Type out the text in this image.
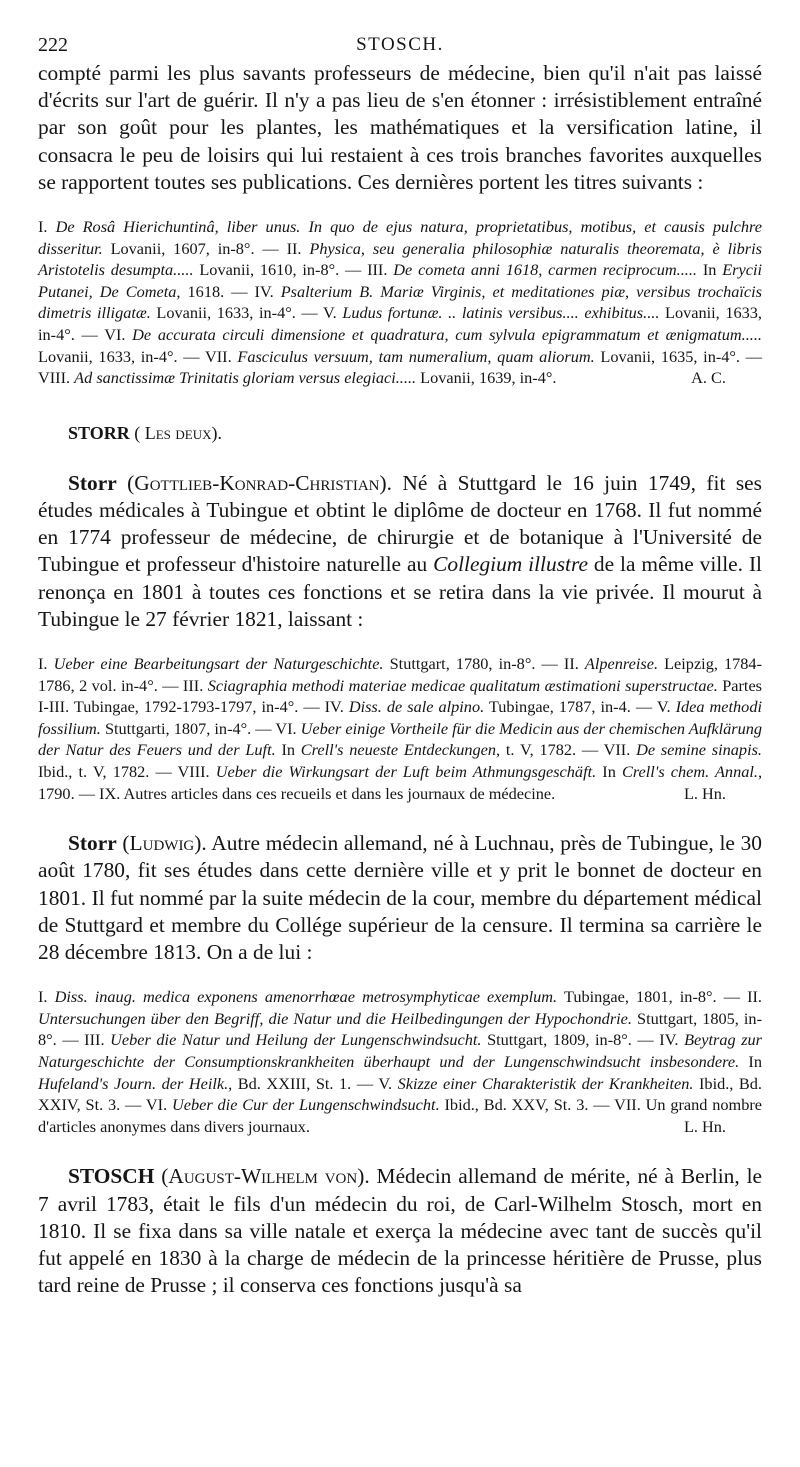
222	STOSCH.

compté parmi les plus savants professeurs de médecine, bien qu'il n'ait pas laissé d'écrits sur l'art de guérir. Il n'y a pas lieu de s'en étonner : irrésistiblement entraîné par son goût pour les plantes, les mathématiques et la versification latine, il consacra le peu de loisirs qui lui restaient à ces trois branches favorites auxquelles se rapportent toutes ses publications. Ces dernières portent les titres suivants :

I. De Rosâ Hierichuntinâ, liber unus. In quo de ejus natura, proprietatibus, motibus, et causis pulchre disseritur. Lovanii, 1607, in-8°. — II. Physica, seu generalia philosophiæ naturalis theoremata, è libris Aristotelis desumpta..... Lovanii, 1610, in-8°. — III. De cometa anni 1618, carmen reciprocum..... In Erycii Putanei, De Cometa, 1618. — IV. Psalterium B. Mariæ Virginis, et meditationes piæ, versibus trochaïcis dimetris illigatæ. Lovanii, 1633, in-4°. — V. Ludus fortunæ. .. latinis versibus.... exhibitus.... Lovanii, 1633, in-4°. — VI. De accurata circuli dimensione et quadratura, cum sylvula epigrammatum et ænigmatum..... Lovanii, 1633, in-4°. — VII. Fasciculus versuum, tam numeralium, quam aliorum. Lovanii, 1635, in-4°. — VIII. Ad sanctissimæ Trinitatis gloriam versus elegiaci..... Lovanii, 1639, in-4°.	A. C.

STORR ( Les deux).

Storr (Gottlieb-Konrad-Christian). Né à Stuttgard le 16 juin 1749, fit ses études médicales à Tubingue et obtint le diplôme de docteur en 1768. Il fut nommé en 1774 professeur de médecine, de chirurgie et de botanique à l'Université de Tubingue et professeur d'histoire naturelle au Collegium illustre de la même ville. Il renonça en 1801 à toutes ces fonctions et se retira dans la vie privée. Il mourut à Tubingue le 27 février 1821, laissant :

I. Ueber eine Bearbeitungsart der Naturgeschichte. Stuttgart, 1780, in-8°. — II. Alpenreise. Leipzig, 1784-1786, 2 vol. in-4°. — III. Sciagraphia methodi materiae medicae qualitatum æstimationi superstructae. Partes I-III. Tubingae, 1792-1793-1797, in-4°. — IV. Diss. de sale alpino. Tubingae, 1787, in-4. — V. Idea methodi fossilium. Stuttgarti, 1807, in-4°. — VI. Ueber einige Vortheile für die Medicin aus der chemischen Aufklärung der Natur des Feuers und der Luft. In Crell's neueste Entdeckungen, t. V, 1782. — VII. De semine sinapis. Ibid., t. V, 1782. — VIII. Ueber die Wirkungsart der Luft beim Athmungsgeschäft. In Crell's chem. Annal., 1790. — IX. Autres articles dans ces recueils et dans les journaux de médecine.	L. Hn.

Storr (Ludwig). Autre médecin allemand, né à Luchnau, près de Tubingue, le 30 août 1780, fit ses études dans cette dernière ville et y prit le bonnet de docteur en 1801. Il fut nommé par la suite médecin de la cour, membre du département médical de Stuttgard et membre du Collége supérieur de la censure. Il termina sa carrière le 28 décembre 1813. On a de lui :

I. Diss. inaug. medica exponens amenorrhœae metrosymphyticae exemplum. Tubingae, 1801, in-8°. — II. Untersuchungen über den Begriff, die Natur und die Heilbedingungen der Hypochondrie. Stuttgart, 1805, in-8°. — III. Ueber die Natur und Heilung der Lungenschwindsucht. Stuttgart, 1809, in-8°. — IV. Beytrag zur Naturgeschichte der Consumptionskrankheiten überhaupt und der Lungenschwindsucht insbesondere. In Hufeland's Journ. der Heilk., Bd. XXIII, St. 1. — V. Skizze einer Charakteristik der Krankheiten. Ibid., Bd. XXIV, St. 3. — VI. Ueber die Cur der Lungenschwindsucht. Ibid., Bd. XXV, St. 3. — VII. Un grand nombre d'articles anonymes dans divers journaux.	L. Hn.

STOSCH (August-Wilhelm von). Médecin allemand de mérite, né à Berlin, le 7 avril 1783, était le fils d'un médecin du roi, de Carl-Wilhelm Stosch, mort en 1810. Il se fixa dans sa ville natale et exerça la médecine avec tant de succès qu'il fut appelé en 1830 à la charge de médecin de la princesse héritière de Prusse, plus tard reine de Prusse ; il conserva ces fonctions jusqu'à sa
